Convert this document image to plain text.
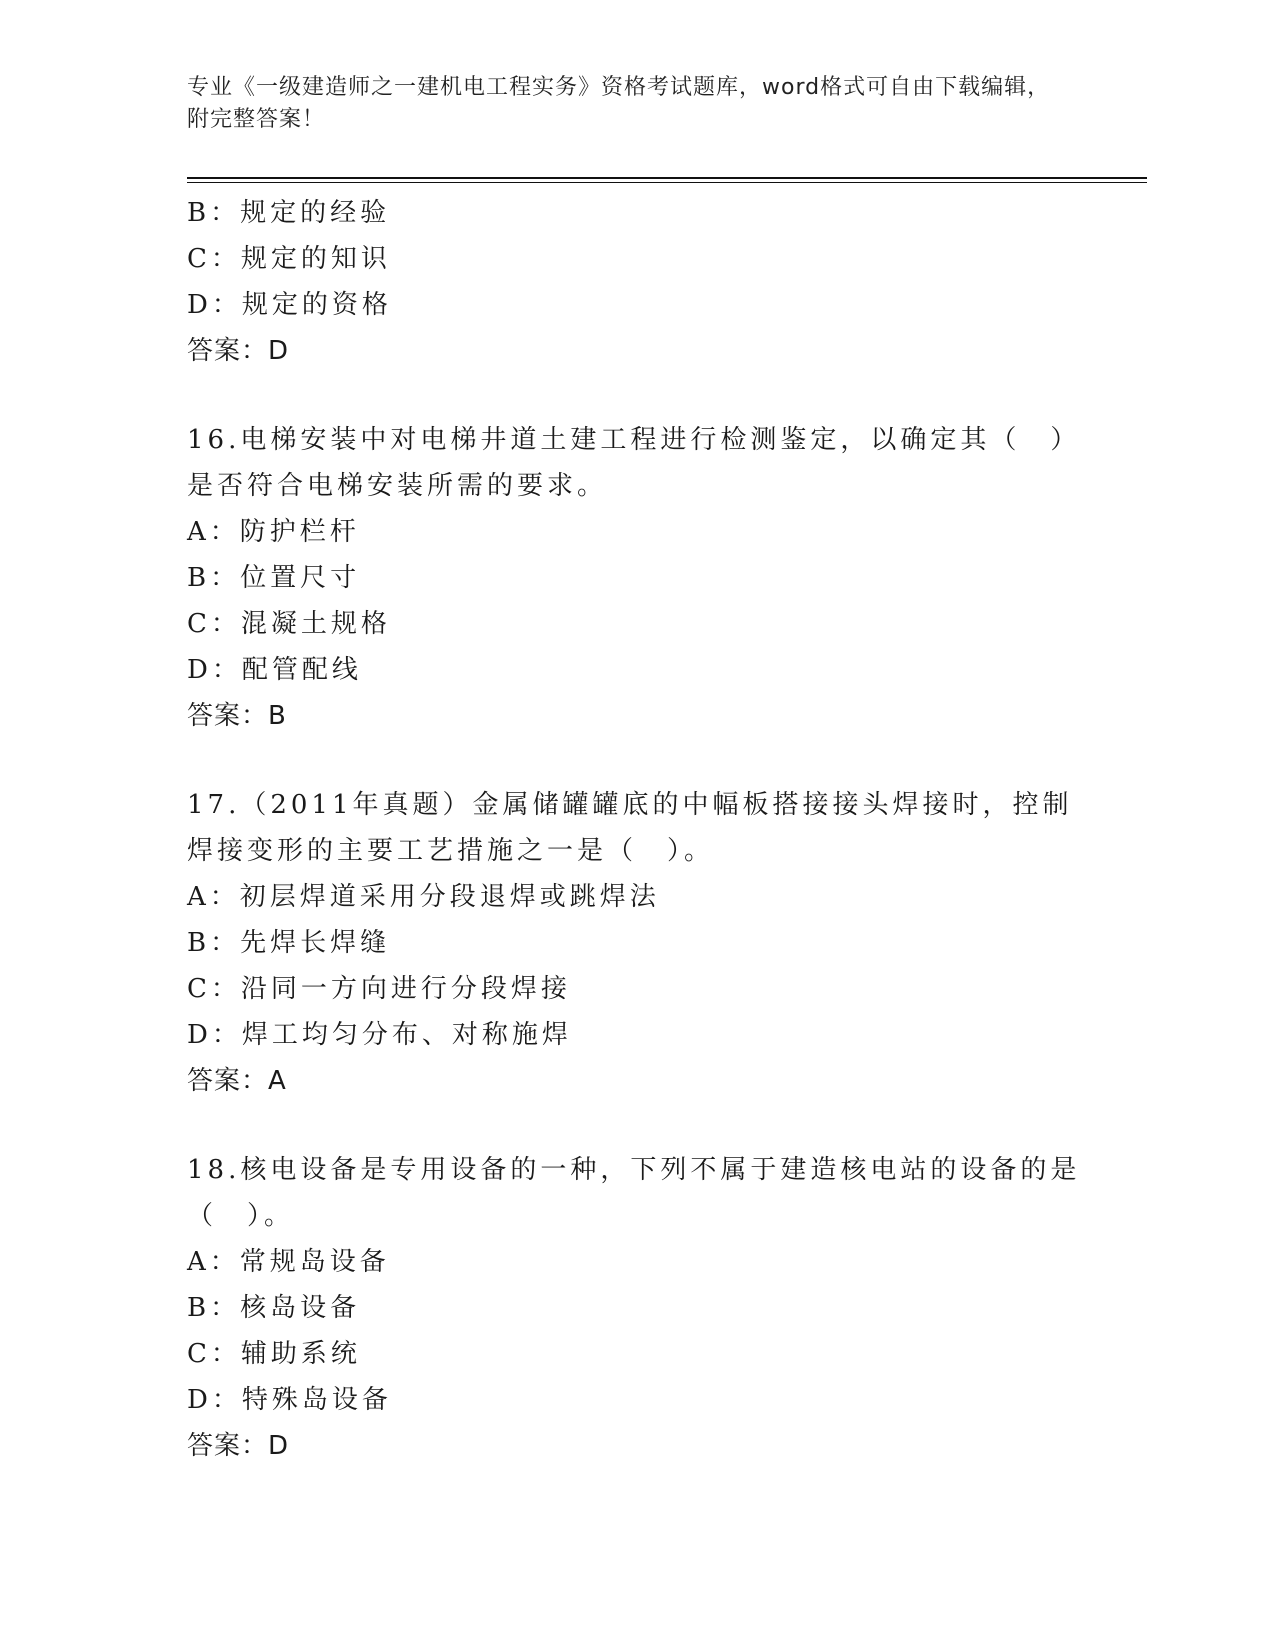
专业《一级建造师之一建机电工程实务》资格考试题库，word格式可自由下载编辑，附完整答案！
B：规定的经验
C：规定的知识
D：规定的资格
答案：D
16.电梯安装中对电梯井道土建工程进行检测鉴定，以确定其（　）是否符合电梯安装所需的要求。
A：防护栏杆
B：位置尺寸
C：混凝土规格
D：配管配线
答案：B
17.（2011年真题）金属储罐罐底的中幅板搭接接头焊接时，控制焊接变形的主要工艺措施之一是（　）。
A：初层焊道采用分段退焊或跳焊法
B：先焊长焊缝
C：沿同一方向进行分段焊接
D：焊工均匀分布、对称施焊
答案：A
18.核电设备是专用设备的一种，下列不属于建造核电站的设备的是（　）。
A：常规岛设备
B：核岛设备
C：辅助系统
D：特殊岛设备
答案：D
